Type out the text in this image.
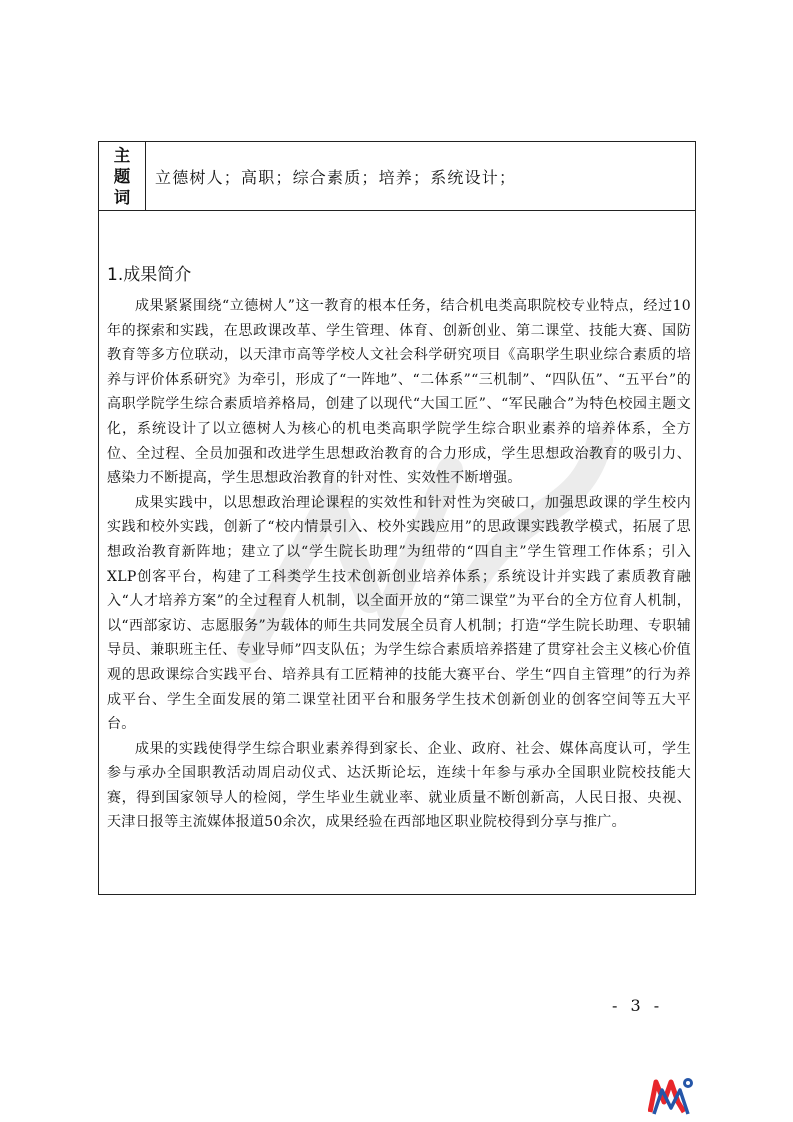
主
题
词
立德树人；高职；综合素质；培养；系统设计；
1.成果简介

成果紧紧围绕“立德树人”这一教育的根本任务，结合机电类高职院校专业特点，经过10年的探索和实践，在思政课改革、学生管理、体育、创新创业、第二课堂、技能大赛、国防教育等多方位联动，以天津市高等学校人文社会科学研究项目《高职学生职业综合素质的培养与评价体系研究》为牵引，形成了“一阵地”、“二体系”“三机制”、“四队伍”、“五平台”的高职学院学生综合素质培养格局，创建了以现代“大国工匠”、“军民融合”为特色校园主题文化，系统设计了以立德树人为核心的机电类高职学院学生综合职业素养的培养体系，全方位、全过程、全员加强和改进学生思想政治教育的合力形成，学生思想政治教育的吸引力、感染力不断提高，学生思想政治教育的针对性、实效性不断增强。

成果实践中，以思想政治理论课程的实效性和针对性为突破口，加强思政课的学生校内实践和校外实践，创新了“校内情景引入、校外实践应用”的思政课实践教学模式，拓展了思想政治教育新阵地；建立了以“学生院长助理”为纽带的“四自主”学生管理工作体系；引入XLP创客平台，构建了工科类学生技术创新创业培养体系；系统设计并实践了素质教育融入“人才培养方案”的全过程育人机制，以全面开放的“第二课堂”为平台的全方位育人机制，以“西部家访、志愿服务”为载体的师生共同发展全员育人机制；打造“学生院长助理、专职辅导员、兼职班主任、专业导师”四支队伍；为学生综合素质培养搭建了贯穿社会主义核心价值观的思政课综合实践平台、培养具有工匠精神的技能大赛平台、学生“四自主管理”的行为养成平台、学生全面发展的第二课堂社团平台和服务学生技术创新创业的创客空间等五大平台。

成果的实践使得学生综合职业素养得到家长、企业、政府、社会、媒体高度认可，学生参与承办全国职教活动周启动仪式、达沃斯论坛，连续十年参与承办全国职业院校技能大赛，得到国家领导人的检阅，学生毕业生就业率、就业质量不断创新高，人民日报、央视、天津日报等主流媒体报道50余次，成果经验在西部地区职业院校得到分享与推广。

- 3 -
